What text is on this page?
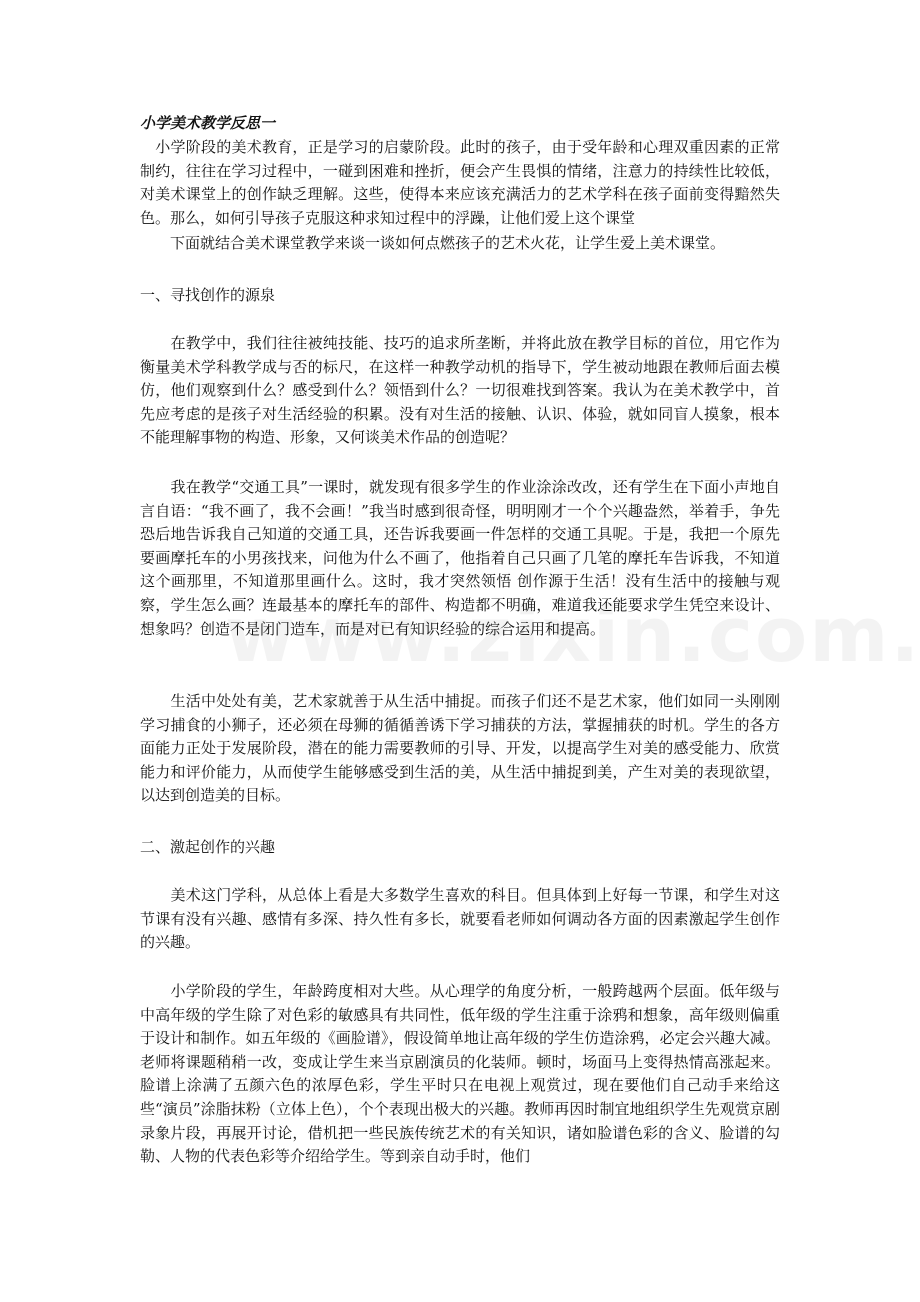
小学美术教学反思一

　小学阶段的美术教育，正是学习的启蒙阶段。此时的孩子，由于受年龄和心理双重因素的正常制约，往往在学习过程中，一碰到困难和挫折，便会产生畏惧的情绪，注意力的持续性比较低，对美术课堂上的创作缺乏理解。这些，使得本来应该充满活力的艺术学科在孩子面前变得黯然失色。那么，如何引导孩子克服这种求知过程中的浮躁，让他们爱上这个课堂

　　下面就结合美术课堂教学来谈一谈如何点燃孩子的艺术火花，让学生爱上美术课堂。

一、寻找创作的源泉

　　在教学中，我们往往被纯技能、技巧的追求所垄断，并将此放在教学目标的首位，用它作为衡量美术学科教学成与否的标尺，在这样一种教学动机的指导下，学生被动地跟在教师后面去模仿，他们观察到什么？感受到什么？领悟到什么？一切很难找到答案。我认为在美术教学中，首先应考虑的是孩子对生活经验的积累。没有对生活的接触、认识、体验，就如同盲人摸象，根本不能理解事物的构造、形象，又何谈美术作品的创造呢？

　　我在教学“交通工具”一课时，就发现有很多学生的作业涂涂改改，还有学生在下面小声地自言自语：“我不画了，我不会画！”我当时感到很奇怪，明明刚才一个个兴趣盎然，举着手，争先恐后地告诉我自己知道的交通工具，还告诉我要画一件怎样的交通工具呢。于是，我把一个原先要画摩托车的小男孩找来，问他为什么不画了，他指着自己只画了几笔的摩托车告诉我，不知道这个画那里，不知道那里画什么。这时，我才突然领悟 创作源于生活！没有生活中的接触与观察，学生怎么画？连最基本的摩托车的部件、构造都不明确，难道我还能要求学生凭空来设计、想象吗？创造不是闭门造车，而是对已有知识经验的综合运用和提高。

　　生活中处处有美，艺术家就善于从生活中捕捉。而孩子们还不是艺术家，他们如同一头刚刚学习捕食的小狮子，还必须在母狮的循循善诱下学习捕获的方法，掌握捕获的时机。学生的各方面能力正处于发展阶段，潜在的能力需要教师的引导、开发，以提高学生对美的感受能力、欣赏能力和评价能力，从而使学生能够感受到生活的美，从生活中捕捉到美，产生对美的表现欲望，以达到创造美的目标。

二、激起创作的兴趣

　　美术这门学科，从总体上看是大多数学生喜欢的科目。但具体到上好每一节课，和学生对这节课有没有兴趣、感情有多深、持久性有多长，就要看老师如何调动各方面的因素激起学生创作的兴趣。

　　小学阶段的学生，年龄跨度相对大些。从心理学的角度分析，一般跨越两个层面。低年级与中高年级的学生除了对色彩的敏感具有共同性，低年级的学生注重于涂鸦和想象，高年级则偏重于设计和制作。如五年级的《画脸谱》，假设简单地让高年级的学生仿造涂鸦，必定会兴趣大减。老师将课题稍稍一改，变成让学生来当京剧演员的化装师。顿时，场面马上变得热情高涨起来。脸谱上涂满了五颜六色的浓厚色彩，学生平时只在电视上观赏过，现在要他们自己动手来给这些“演员”涂脂抹粉（立体上色），个个表现出极大的兴趣。教师再因时制宜地组织学生先观赏京剧录象片段，再展开讨论，借机把一些民族传统艺术的有关知识，诸如脸谱色彩的含义、脸谱的勾勒、人物的代表色彩等介绍给学生。等到亲自动手时，他们
